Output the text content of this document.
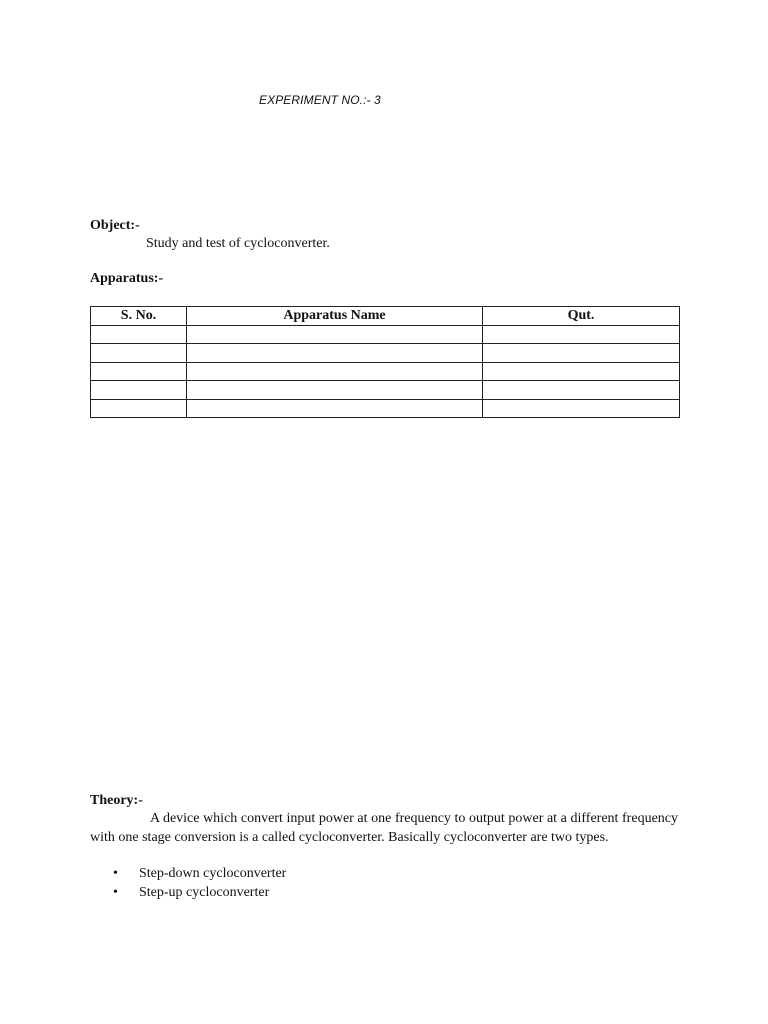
EXPERIMENT NO.:- 3
Object:-
Study and test of cycloconverter.
Apparatus:-
S. No.	Apparatus Name	Qut.

Theory:-

A device which convert input power at one frequency to output power at a different frequency with one stage conversion is a called cycloconverter. Basically cycloconverter are two types.

• Step-down cycloconverter
• Step-up cycloconverter
